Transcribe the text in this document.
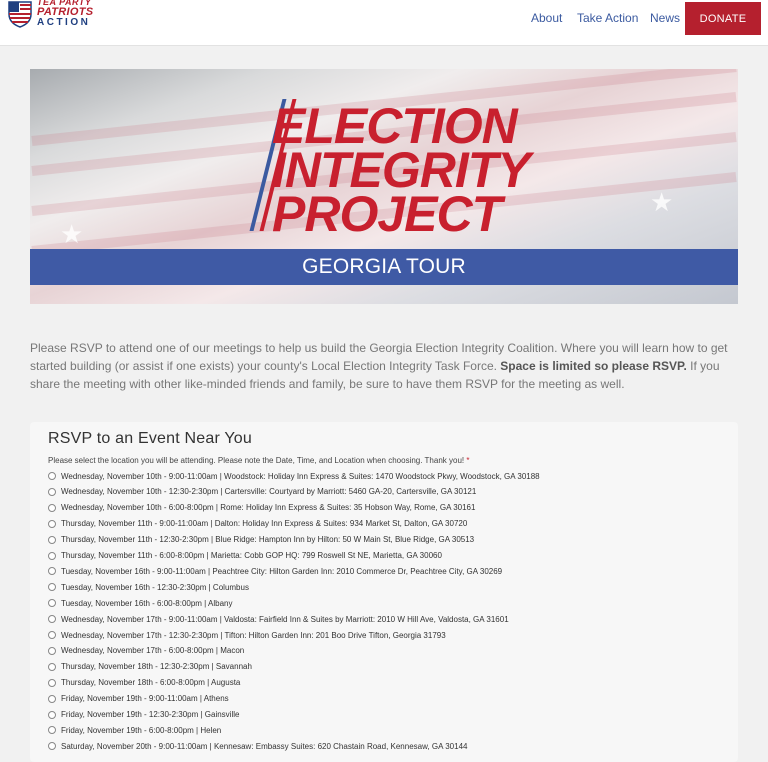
TEA PARTY
PATRIOTS
ACTION	About Take Action News	DONATE
★
★
ELECTION
INTEGRITY
PROJECT
GEORGIA TOUR

Please RSVP to attend one of our meetings to help us build the Georgia Election Integrity Coalition. Where you will learn how to get started building (or assist if one exists) your county's Local Election Integrity Task Force. Space is limited so please RSVP. If you share the meeting with other like-minded friends and family, be sure to have them RSVP for the meeting as well.

RSVP to an Event Near You
Please select the location you will be attending. Please note the Date, Time, and Location when choosing. Thank you! *
Wednesday, November 10th - 9:00-11:00am | Woodstock: Holiday Inn Express & Suites: 1470 Woodstock Pkwy, Woodstock, GA 30188
Wednesday, November 10th - 12:30-2:30pm | Cartersville: Courtyard by Marriott: 5460 GA-20, Cartersville, GA 30121
Wednesday, November 10th - 6:00-8:00pm | Rome: Holiday Inn Express & Suites: 35 Hobson Way, Rome, GA 30161
Thursday, November 11th - 9:00-11:00am | Dalton: Holiday Inn Express & Suites: 934 Market St, Dalton, GA 30720
Thursday, November 11th - 12:30-2:30pm | Blue Ridge: Hampton Inn by Hilton: 50 W Main St, Blue Ridge, GA 30513
Thursday, November 11th - 6:00-8:00pm | Marietta: Cobb GOP HQ: 799 Roswell St NE, Marietta, GA 30060
Tuesday, November 16th - 9:00-11:00am | Peachtree City: Hilton Garden Inn: 2010 Commerce Dr, Peachtree City, GA 30269
Tuesday, November 16th - 12:30-2:30pm | Columbus
Tuesday, November 16th - 6:00-8:00pm | Albany
Wednesday, November 17th - 9:00-11:00am | Valdosta: Fairfield Inn & Suites by Marriott: 2010 W Hill Ave, Valdosta, GA 31601
Wednesday, November 17th - 12:30-2:30pm | Tifton: Hilton Garden Inn: 201 Boo Drive Tifton, Georgia 31793
Wednesday, November 17th - 6:00-8:00pm | Macon
Thursday, November 18th - 12:30-2:30pm | Savannah
Thursday, November 18th - 6:00-8:00pm | Augusta
Friday, November 19th - 9:00-11:00am | Athens
Friday, November 19th - 12:30-2:30pm | Gainsville
Friday, November 19th - 6:00-8:00pm | Helen
Saturday, November 20th - 9:00-11:00am | Kennesaw: Embassy Suites: 620 Chastain Road, Kennesaw, GA 30144
